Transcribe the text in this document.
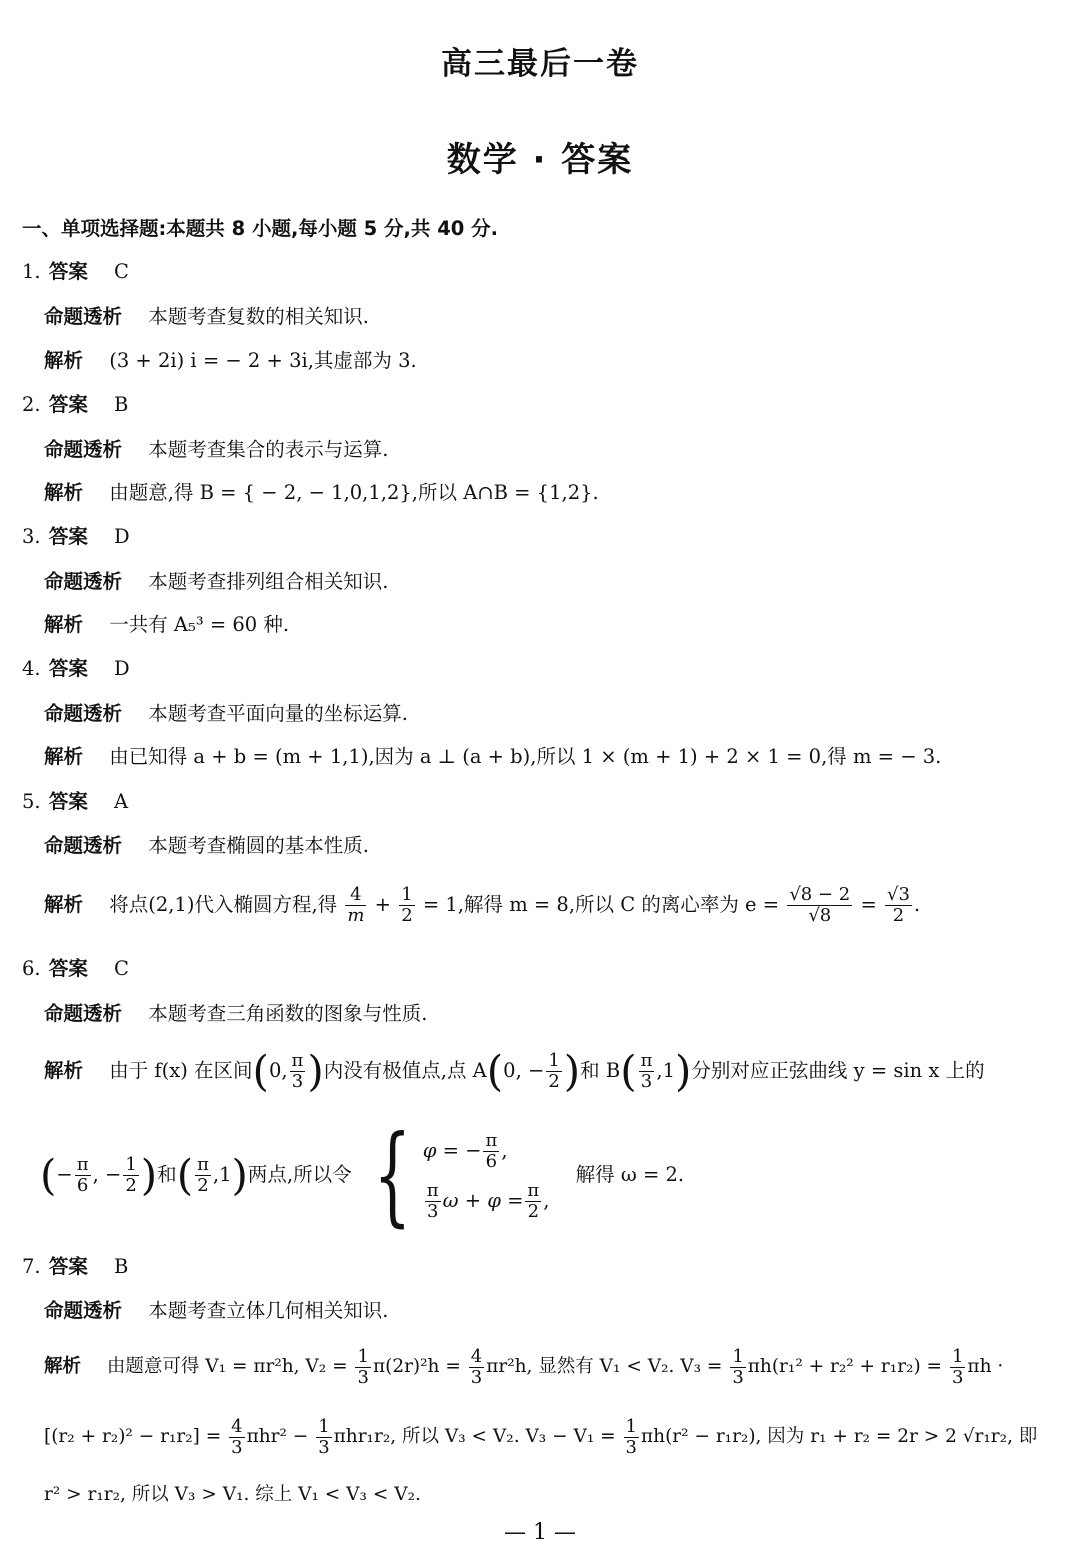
高三最后一卷
数学 · 答案
一、单项选择题:本题共 8 小题,每小题 5 分,共 40 分.
1. 答案 C
命题透析 本题考查复数的相关知识.
解析 (3 + 2i) i = − 2 + 3i,其虚部为 3.
2. 答案 B
命题透析 本题考查集合的表示与运算.
解析 由题意,得 B = { − 2, − 1,0,1,2},所以 A∩B = {1,2}.
3. 答案 D
命题透析 本题考查排列组合相关知识.
解析 一共有 A₅³ = 60 种.
4. 答案 D
命题透析 本题考查平面向量的坐标运算.
解析 由已知得 a + b = (m + 1,1),因为 a ⊥ (a + b),所以 1 × (m + 1) + 2 × 1 = 0,得 m = − 3.
5. 答案 A
命题透析 本题考查椭圆的基本性质.
解析 将点(2,1)代入椭圆方程,得 $\frac{4}{m} + \frac{1}{2} = 1$,解得 m = 8,所以 C 的离心率为 $e = \frac{√8 - 2}{√8} = \frac{√3}{2}$ .
6. 答案 C
命题透析 本题考查三角函数的图象与性质.
解析 由于 f(x) 在区间(0, $\frac{\pi}{3}$ )内没有极值点,点 A(0, − $\frac{1}{2}$ )和 $B( \frac{\pi}{3} ,1)$分别对应正弦曲线 y = sin x 上的
(− $\frac{\pi}{6}$ , − $\frac{1}{2}$ )和( $\frac{\pi}{2} ,1$)两点,所以令 { φ = − $\frac{\pi}{6}$ ,
$\frac{\pi}{3}$ $\omega + \varphi = \frac{\pi}{2}$ ,
解得 ω = 2.
7. 答案 B
命题透析 本题考查立体几何相关知识.
解析 由题意可得 V₁ = πr²h, $V_2 = \frac{1}{3} \pi(2r)^2h = \frac{4}{3} \pi r^2h$, 显然有 V₁ < V₂. $V_3 = \frac{1}{3} \pi h(r_1^2 + r_2^2 + r_1r_2) = \frac{1}{3}$ πh ·
$[(r_2 + r_2)^2 - r_1r_2] = \frac{4}{3} \pi hr^2 - \frac{1}{3} \pi hr_1r_2$, 所以 V₃ < V₂. $V_3 - V_1 = \frac{1}{3} \pi h(r^2 - r_1r_2)$, 因为 r₁ + r₂ = 2r > 2 √r₁r₂, 即
r² > r₁r₂, 所以 V₃ > V₁. 综上 V₁ < V₃ < V₂.
— 1 —
